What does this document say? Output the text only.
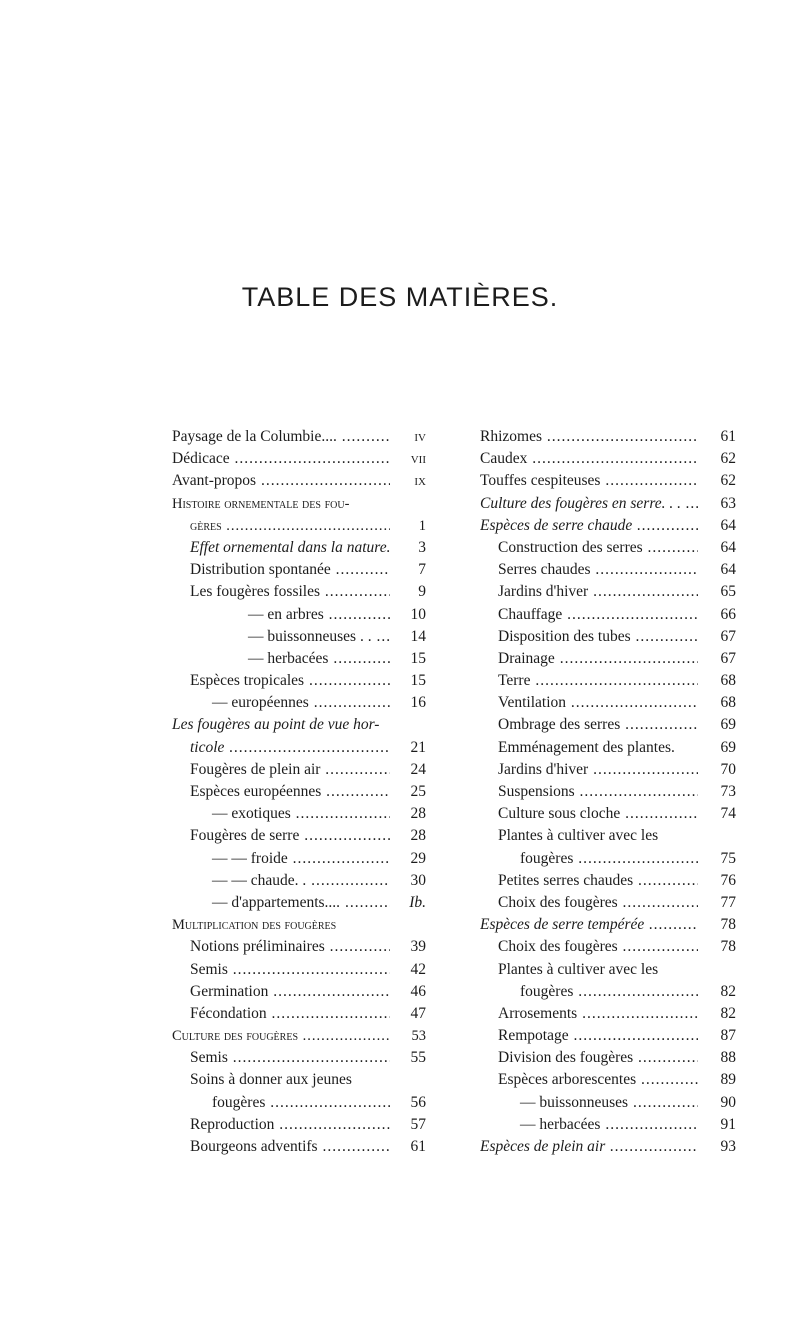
TABLE DES MATIÈRES.
Paysage de la Columbie.... .....	iv
Dédicace .....	vii
Avant-propos .....	ix
Histoire ornementale des fou-
gères .....	1
Effet ornemental dans la nature. .....	3
Distribution spontanée .....	7
Les fougères fossiles .....	9
— en arbres .....	10
— buissonneuses . . .....	14
— herbacées .....	15
Espèces tropicales .....	15
— européennes .....	16
Les fougères au point de vue hor-
ticole .....	21
Fougères de plein air .....	24
Espèces européennes .....	25
— exotiques .....	28
Fougères de serre .....	28
— — froide .....	29
— — chaude. . .....	30
— d'appartements.... .....	Ib.
Multiplication des fougères
Notions préliminaires .....	39
Semis .....	42
Germination .....	46
Fécondation .....	47
Culture des fougères .....	53
Semis .....	55
Soins à donner aux jeunes
fougères .....	56
Reproduction .....	57
Bourgeons adventifs .....	61
Rhizomes .....	61
Caudex .....	62
Touffes cespiteuses .....	62
Culture des fougères en serre. . . .....	63
Espèces de serre chaude .....	64
Construction des serres .....	64
Serres chaudes .....	64
Jardins d'hiver .....	65
Chauffage .....	66
Disposition des tubes .....	67
Drainage .....	67
Terre .....	68
Ventilation .....	68
Ombrage des serres .....	69
Emménagement des plantes.	69
Jardins d'hiver .....	70
Suspensions .....	73
Culture sous cloche .....	74
Plantes à cultiver avec les
fougères .....	75
Petites serres chaudes .....	76
Choix des fougères .....	77
Espèces de serre tempérée .....	78
Choix des fougères .....	78
Plantes à cultiver avec les
fougères .....	82
Arrosements .....	82
Rempotage .....	87
Division des fougères .....	88
Espèces arborescentes .....	89
— buissonneuses .....	90
— herbacées .....	91
Espèces de plein air .....	93
